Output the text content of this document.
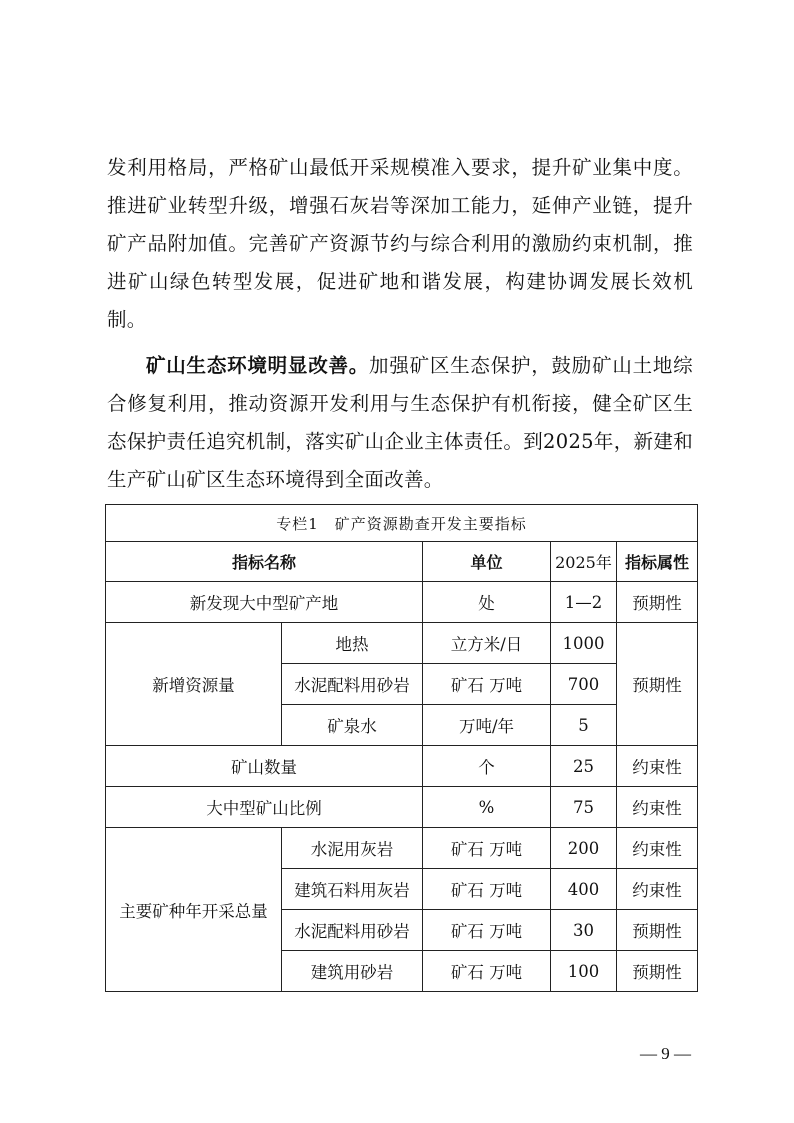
发利用格局，严格矿山最低开采规模准入要求，提升矿业集中度。推进矿业转型升级，增强石灰岩等深加工能力，延伸产业链，提升矿产品附加值。完善矿产资源节约与综合利用的激励约束机制，推进矿山绿色转型发展，促进矿地和谐发展，构建协调发展长效机制。
矿山生态环境明显改善。加强矿区生态保护，鼓励矿山土地综合修复利用，推动资源开发利用与生态保护有机衔接，健全矿区生态保护责任追究机制，落实矿山企业主体责任。到2025年，新建和生产矿山矿区生态环境得到全面改善。
专栏1　矿产资源勘查开发主要指标				
指标名称		单位	2025年	指标属性
新发现大中型矿产地		处	1—2	预期性
新增资源量	地热	立方米/日	1000	预期性
	水泥配料用砂岩	矿石 万吨	700	
	矿泉水	万吨/年	5	
矿山数量		个	25	约束性
大中型矿山比例		%	75	约束性
主要矿种年开采总量	水泥用灰岩	矿石 万吨	200	约束性
	建筑石料用灰岩	矿石 万吨	400	约束性
	水泥配料用砂岩	矿石 万吨	30	预期性
	建筑用砂岩	矿石 万吨	100	预期性
— 9 —
